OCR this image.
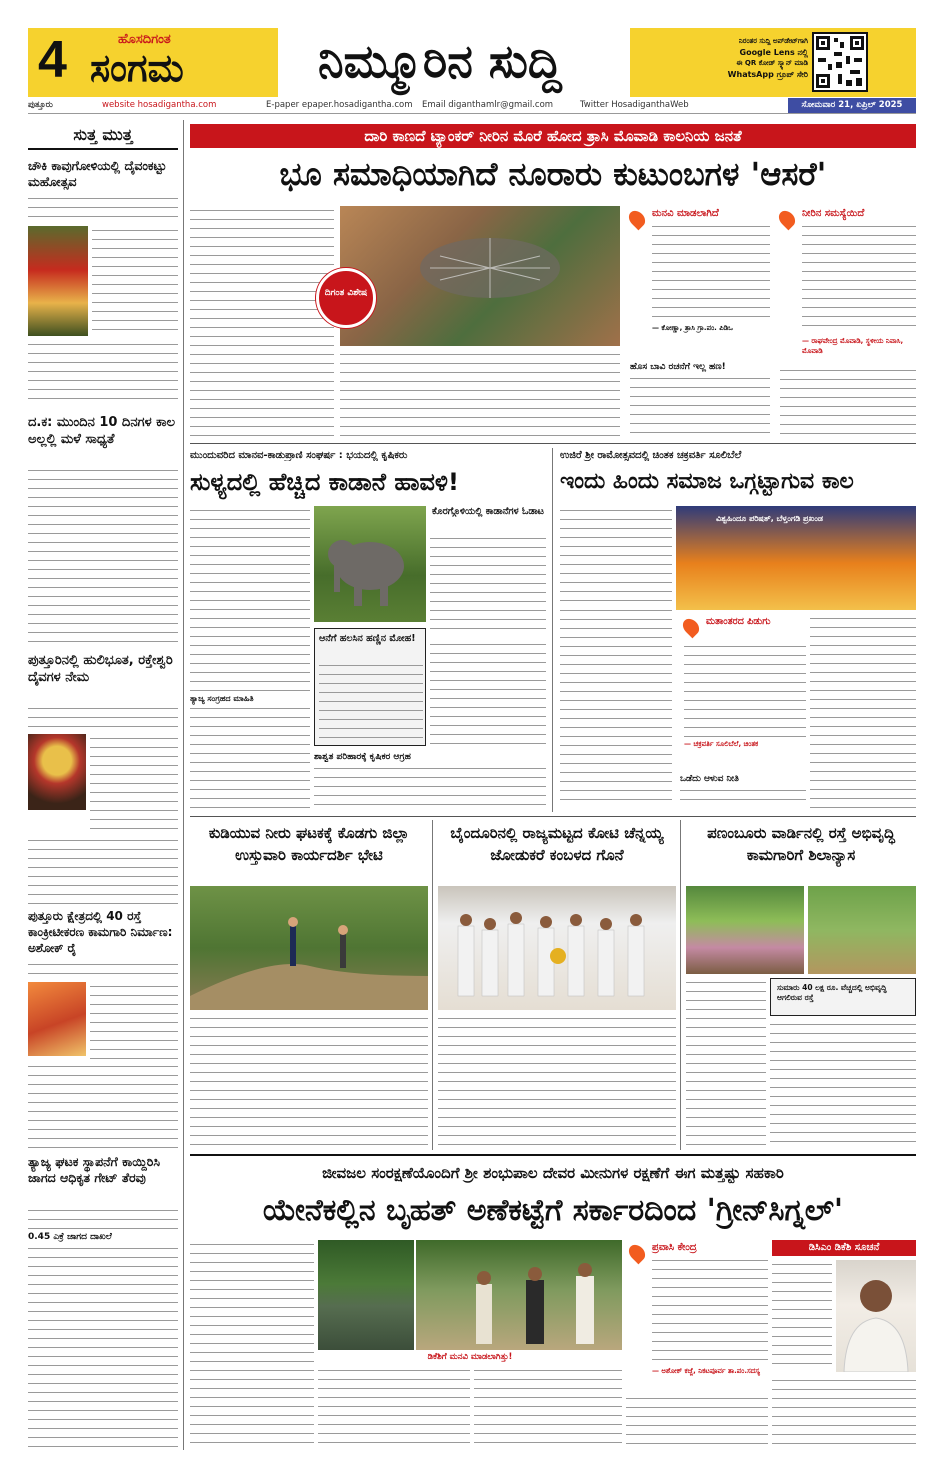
4	ಹೊಸದಿಗಂತ
ಸಂಗಮ	ನಿಮ್ಮೂರಿನ ಸುದ್ದಿ	ನಿರಂತರ ಸುದ್ದಿ ಅಪ್‌ಡೇಟ್‌ಗಾಗಿ
Google Lens ನಲ್ಲಿ
ಈ QR ಕೋಡ್ ಸ್ಕ್ಯಾನ್ ಮಾಡಿ
WhatsApp ಗ್ರೂಪ್ ಸೇರಿ
ಪುತ್ತೂರು	website hosadigantha.com	E-paper epaper.hosadigantha.com Email diganthamlr@gmail.com	Twitter HosadiganthaWeb	ಸೋಮವಾರ 21, ಏಪ್ರಿಲ್ 2025
ಸುತ್ತ ಮುತ್ತ
ಚೌಕಿ ಕಾವುಗೋಳಿಯಲ್ಲಿ ದೈವಂಕಟ್ಟು ಮಹೋತ್ಸವ
ದ.ಕ: ಮುಂದಿನ 10 ದಿನಗಳ ಕಾಲ ಅಲ್ಲಲ್ಲಿ ಮಳೆ ಸಾಧ್ಯತೆ
ಪುತ್ತೂರಿನಲ್ಲಿ ಹುಲಿಭೂತ, ರಕ್ತೇಶ್ವರಿ ದೈವಗಳ ನೇಮ
ಪುತ್ತೂರು ಕ್ಷೇತ್ರದಲ್ಲಿ 40 ರಸ್ತೆ ಕಾಂಕ್ರೀಟೀಕರಣ ಕಾಮಗಾರಿ ನಿರ್ಮಾಣ: ಅಶೋಕ್ ರೈ
ತ್ಯಾಜ್ಯ ಘಟಕ ಸ್ಥಾಪನೆಗೆ ಕಾಯ್ದಿರಿಸಿ ಜಾಗದ ಆಧಿಕೃತ ಗೇಟ್ ತೆರವು
0.45 ಎಕ್ರೆ ಜಾಗದ ದಾಖಲೆ
ದಾರಿ ಕಾಣದೆ ಟ್ಯಾಂಕರ್ ನೀರಿನ ಮೊರೆ ಹೋದ ತ್ರಾಸಿ ಮೊವಾಡಿ ಕಾಲನಿಯ ಜನತೆ
ಭೂ ಸಮಾಧಿಯಾಗಿದೆ ನೂರಾರು ಕುಟುಂಬಗಳ 'ಆಸರೆ'
ದಿಗಂತ ವಿಶೇಷ
ಮನವಿ ಮಾಡಲಾಗಿದೆ
— ಕೋಣ್ಣಾ, ತ್ರಾಸಿ ಗ್ರಾ.ಪಂ. ಪಿಡಿಒ
ನೀರಿನ ಸಮಸ್ಯೆಯಿದೆ
— ರಾಘವೇಂದ್ರ ಮೊವಾಡಿ, ಸ್ಥಳೀಯ ನಿವಾಸಿ, ಮೊವಾಡಿ
ಹೊಸ ಬಾವಿ ರಚನೆಗೆ ಇಲ್ಲ ಹಣ!
ಮುಂದುವರಿದ ಮಾನವ-ಕಾಡುಪ್ರಾಣಿ ಸಂಘರ್ಷ : ಭಯದಲ್ಲಿ ಕೃಷಿಕರು
ಸುಳ್ಯದಲ್ಲಿ ಹೆಚ್ಚಿದ ಕಾಡಾನೆ ಹಾವಳಿ!
ಕೊರಗ್ಗೊಳಿಯಲ್ಲಿ ಕಾಡಾನೆಗಳ ಓಡಾಟ
ಆನೆಗೆ ಹಲಸಿನ ಹಣ್ಣಿನ ಮೋಹ!
ತ್ಯಾಜ್ಯ ಸಂಗ್ರಹದ ಮಾಹಿತಿ
ಶಾಶ್ವತ ಪರಿಹಾರಕ್ಕೆ ಕೃಷಿಕರ ಆಗ್ರಹ
ಉಜಿರೆ ಶ್ರೀ ರಾಮೋತ್ಸವದಲ್ಲಿ ಚಿಂತಕ ಚಕ್ರವರ್ತಿ ಸೂಲಿಬೆಲೆ
ಇಂದು ಹಿಂದು ಸಮಾಜ ಒಗ್ಗಟ್ಟಾಗುವ ಕಾಲ
ವಿಶ್ವಹಿಂದೂ ಪರಿಷತ್, ಬೆಳ್ತಂಗಡಿ ಪ್ರಖಂಡ
ಮತಾಂತರದ ಪಿಡುಗು
— ಚಕ್ರವರ್ತಿ ಸೂಲಿಬೆಲೆ, ಚಿಂತಕ
ಒಡೆದು ಆಳುವ ನೀತಿ
ಕುಡಿಯುವ ನೀರು ಘಟಕಕ್ಕೆ ಕೊಡಗು ಜಿಲ್ಲಾ ಉಸ್ತುವಾರಿ ಕಾರ್ಯದರ್ಶಿ ಭೇಟಿ
ಬೈಂದೂರಿನಲ್ಲಿ ರಾಜ್ಯಮಟ್ಟದ ಕೋಟಿ ಚೆನ್ನಯ್ಯ ಜೋಡುಕರೆ ಕಂಬಳದ ಗೊನೆ
ಪಣಂಬೂರು ವಾರ್ಡಿನಲ್ಲಿ ರಸ್ತೆ ಅಭಿವೃದ್ಧಿ ಕಾಮಗಾರಿಗೆ ಶಿಲಾನ್ಯಾಸ
ಸುಮಾರು 40 ಲಕ್ಷ ರೂ. ವೆಚ್ಚದಲ್ಲಿ ಅಭಿವೃದ್ಧಿ ಆಗಲಿರುವ ರಸ್ತೆ
ಜೀವಜಲ ಸಂರಕ್ಷಣೆಯೊಂದಿಗೆ ಶ್ರೀ ಶಂಭುಪಾಲ ದೇವರ ಮೀನುಗಳ ರಕ್ಷಣೆಗೆ ಈಗ ಮತ್ತಷ್ಟು ಸಹಕಾರಿ
ಯೇನೆಕಲ್ಲಿನ ಬೃಹತ್ ಅಣೆಕಟ್ಟೆಗೆ ಸರ್ಕಾರದಿಂದ 'ಗ್ರೀನ್‌ಸಿಗ್ನಲ್'
ಡಿಕೆಶಿಗೆ ಮನವಿ ಮಾಡಲಾಗಿತ್ತು!
ಪ್ರವಾಸಿ ಕೇಂದ್ರ
— ಅಶೋಕ್ ಕಜ್ಜೆ, ನಿಕಟಪೂರ್ವ ತಾ.ಪಂ.ಸದಸ್ಯ
ಡಿಸಿಎಂ ಡಿಕೆಶಿ ಸೂಚನೆ
